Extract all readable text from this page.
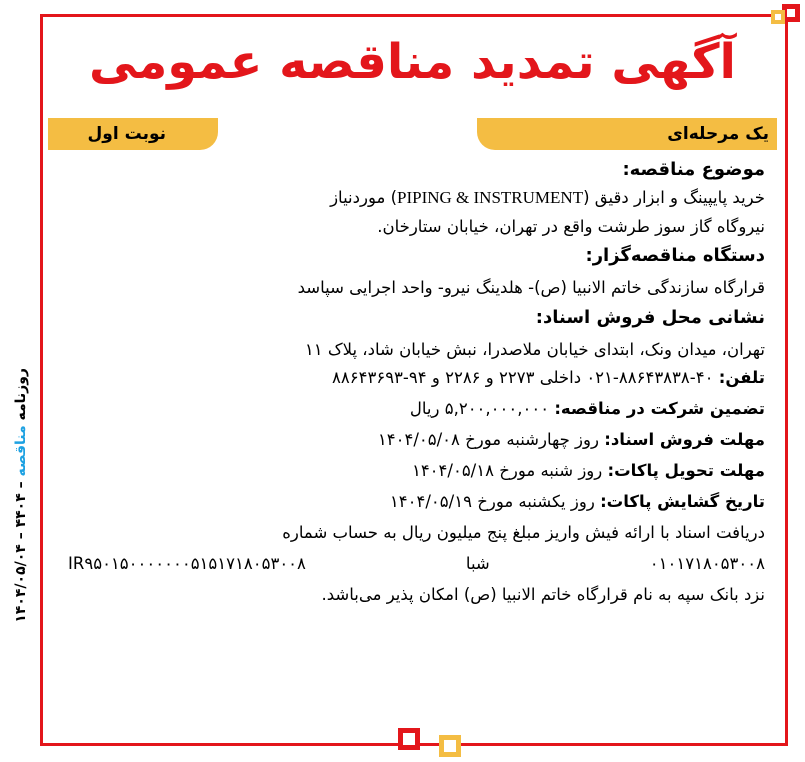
آگهی تمدید مناقصه عمومی
یک مرحله‌ای
نوبت اول

موضوع مناقصه:

خرید پایپینگ و ابزار دقیق (PIPING & INSTRUMENT) موردنیاز

نیروگاه گاز سوز طرشت واقع در تهران، خیابان ستارخان.

دستگاه مناقصه‌گزار:

قرارگاه سازندگی خاتم الانبیا (ص)- هلدینگ نیرو- واحد اجرایی سپاسد

نشانی محل فروش اسناد:

تهران، میدان ونک، ابتدای خیابان ملاصدرا، نبش خیابان شاد، پلاک ۱۱

تلفن: ۴۰-۸۸۶۴۳۸۳۸-۰۲۱ داخلی ۲۲۷۳ و ۲۲۸۶ و ۹۴-۸۸۶۴۳۶۹۳

تضمین شرکت در مناقصه: ۵,۲۰۰,۰۰۰,۰۰۰ ریال

مهلت فروش اسناد: روز چهارشنبه مورخ ۱۴۰۴/۰۵/۰۸

مهلت تحویل پاکات: روز شنبه مورخ ۱۴۰۴/۰۵/۱۸

تاریخ گشایش پاکات: روز یکشنبه مورخ ۱۴۰۴/۰۵/۱۹

دریافت اسناد با ارائه فیش واریز مبلغ پنج میلیون ریال به حساب شماره

۰۱۰۱۷۱۸۰۵۳۰۰۸
شبا
IR۹۵۰۱۵۰۰۰۰۰۰۰۵۱۵۱۷۱۸۰۵۳۰۰۸

نزد بانک سپه به نام قرارگاه خاتم الانبیا (ص) امکان پذیر می‌باشد.

روزنامه مناقصه – ۴۴۰۴ – ۱۴۰۴/۰۵/۰۴
